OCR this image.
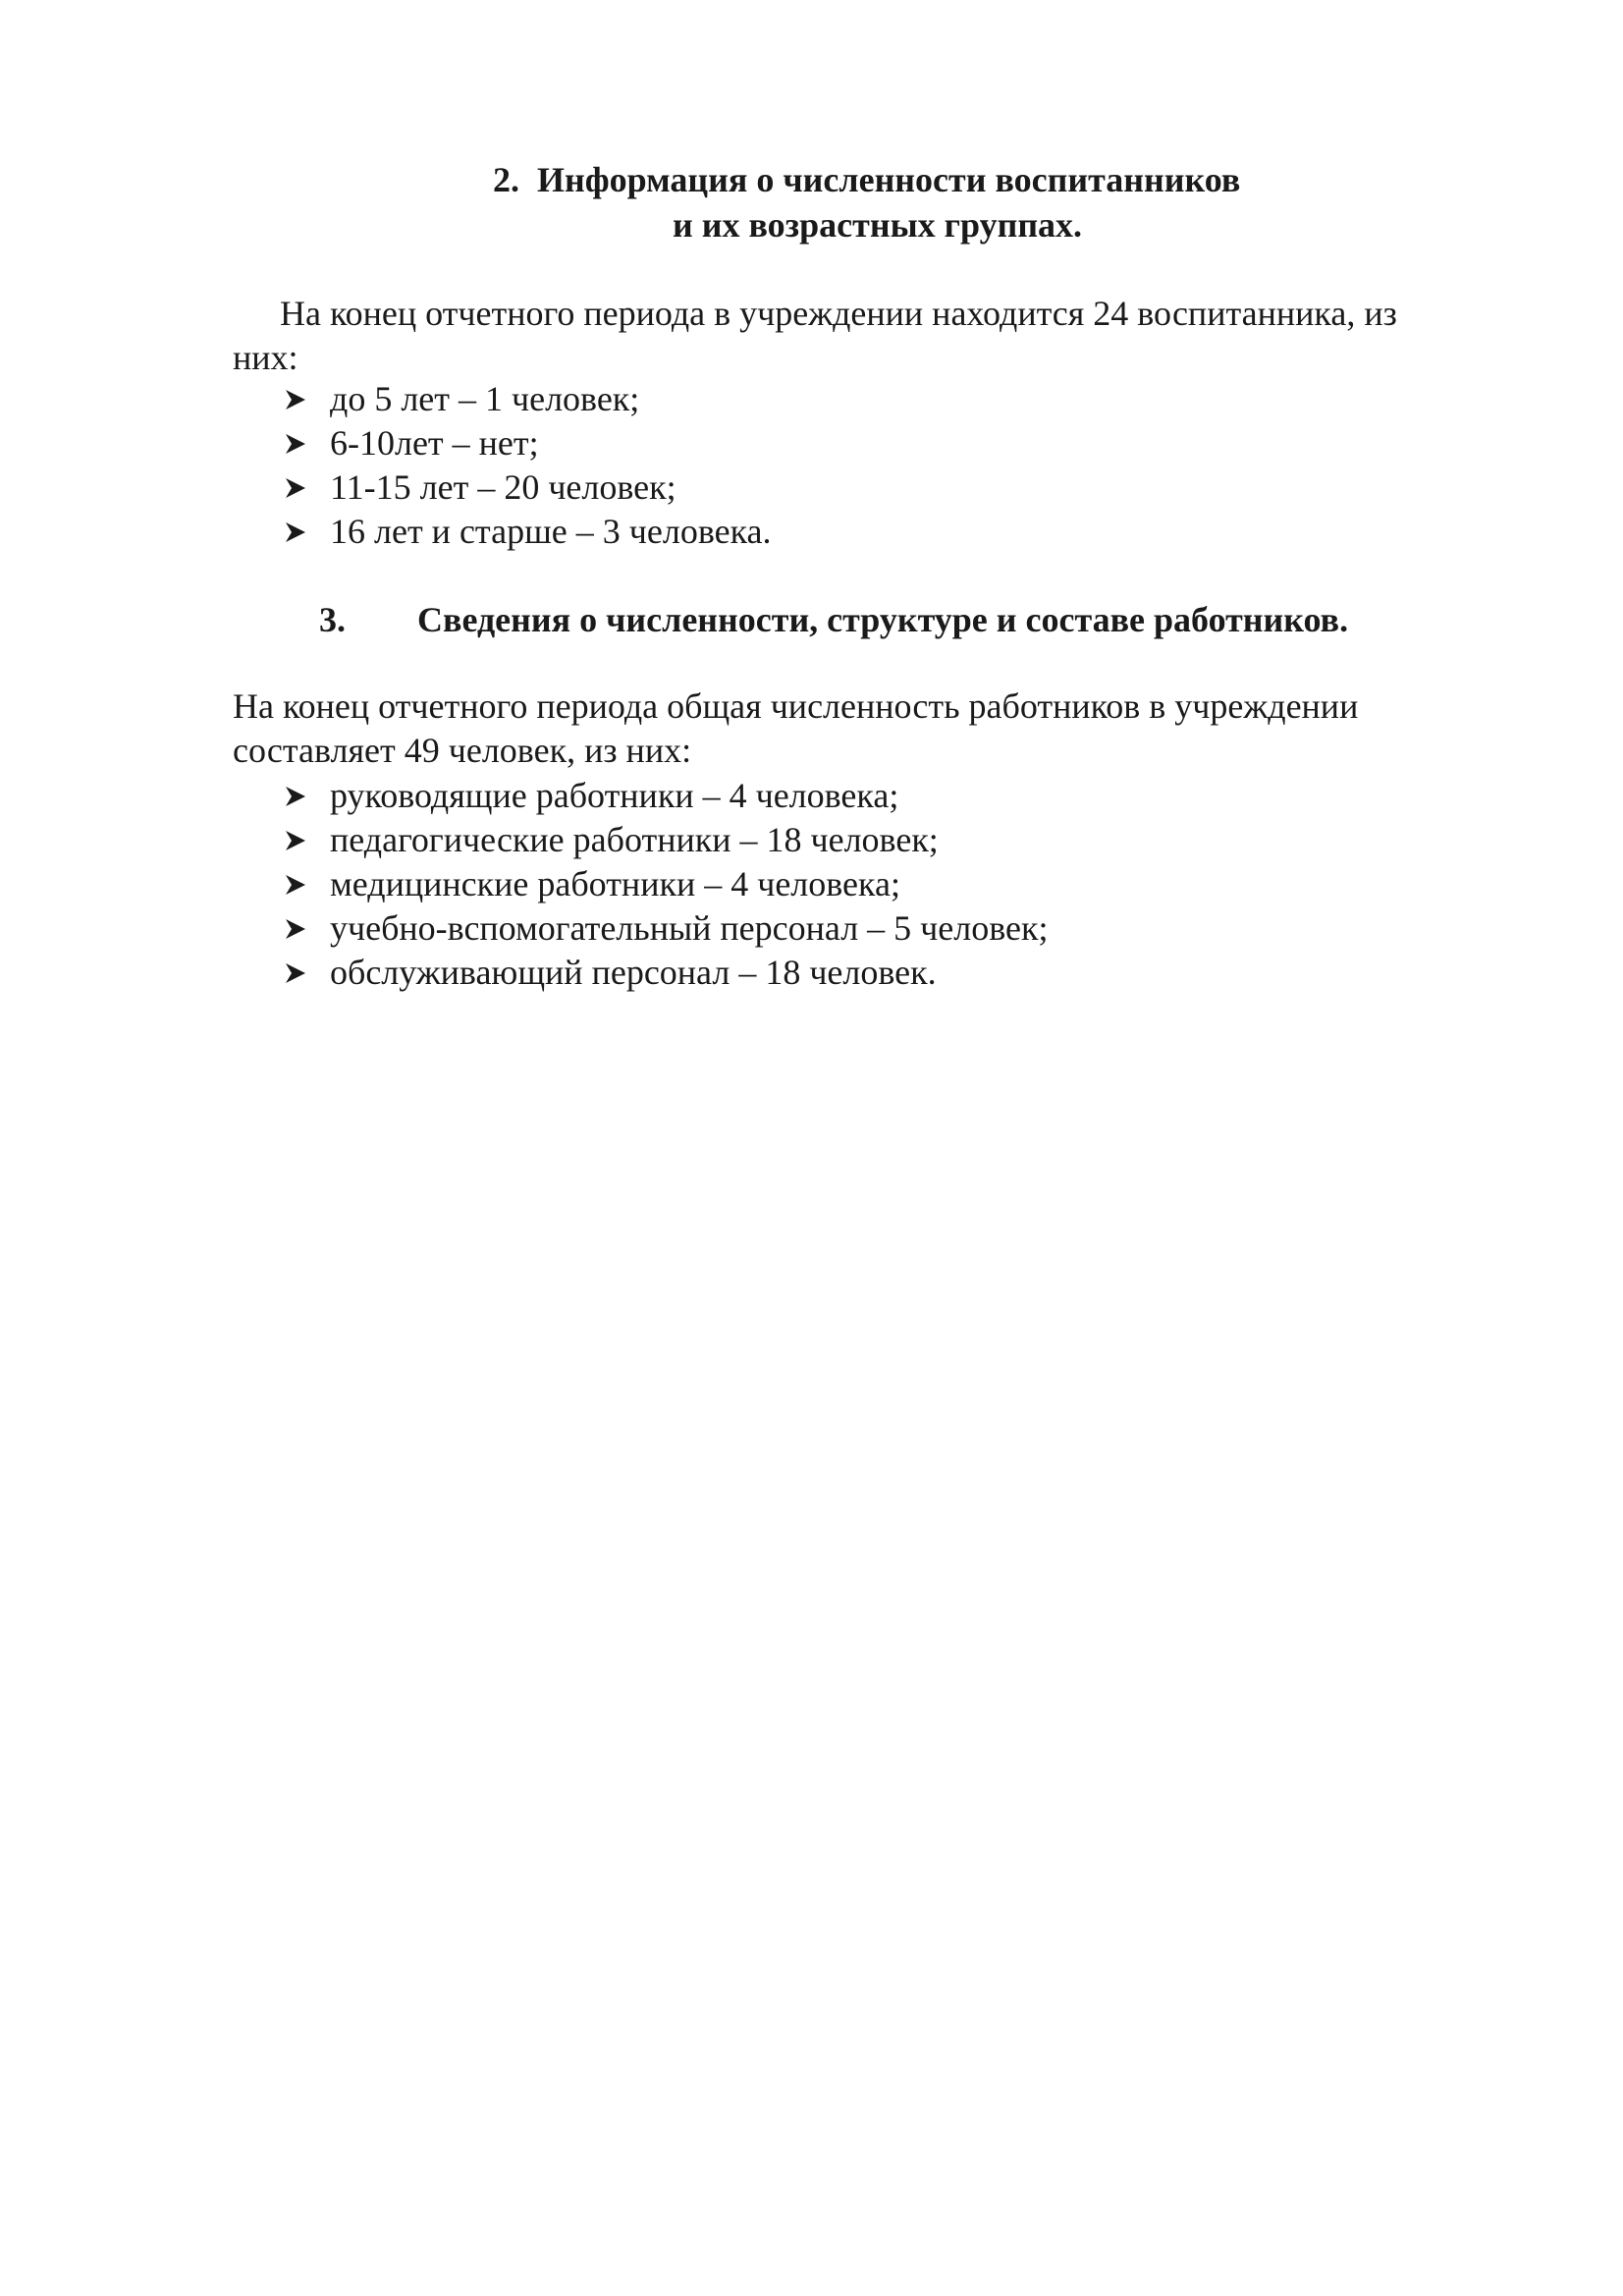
2. Информация о численности воспитанников
и их возрастных группах.
На конец отчетного периода в учреждении находится 24 воспитанника, из
них:
до 5 лет – 1 человек;
6-10лет – нет;
11-15 лет – 20 человек;
16 лет и старше – 3 человека.
3. Сведения о численности, структуре и составе работников.
На конец отчетного периода общая численность работников в учреждении
составляет 49 человек, из них:
руководящие работники – 4 человека;
педагогические работники – 18 человек;
медицинские работники – 4 человека;
учебно-вспомогательный персонал – 5 человек;
обслуживающий персонал – 18 человек.
